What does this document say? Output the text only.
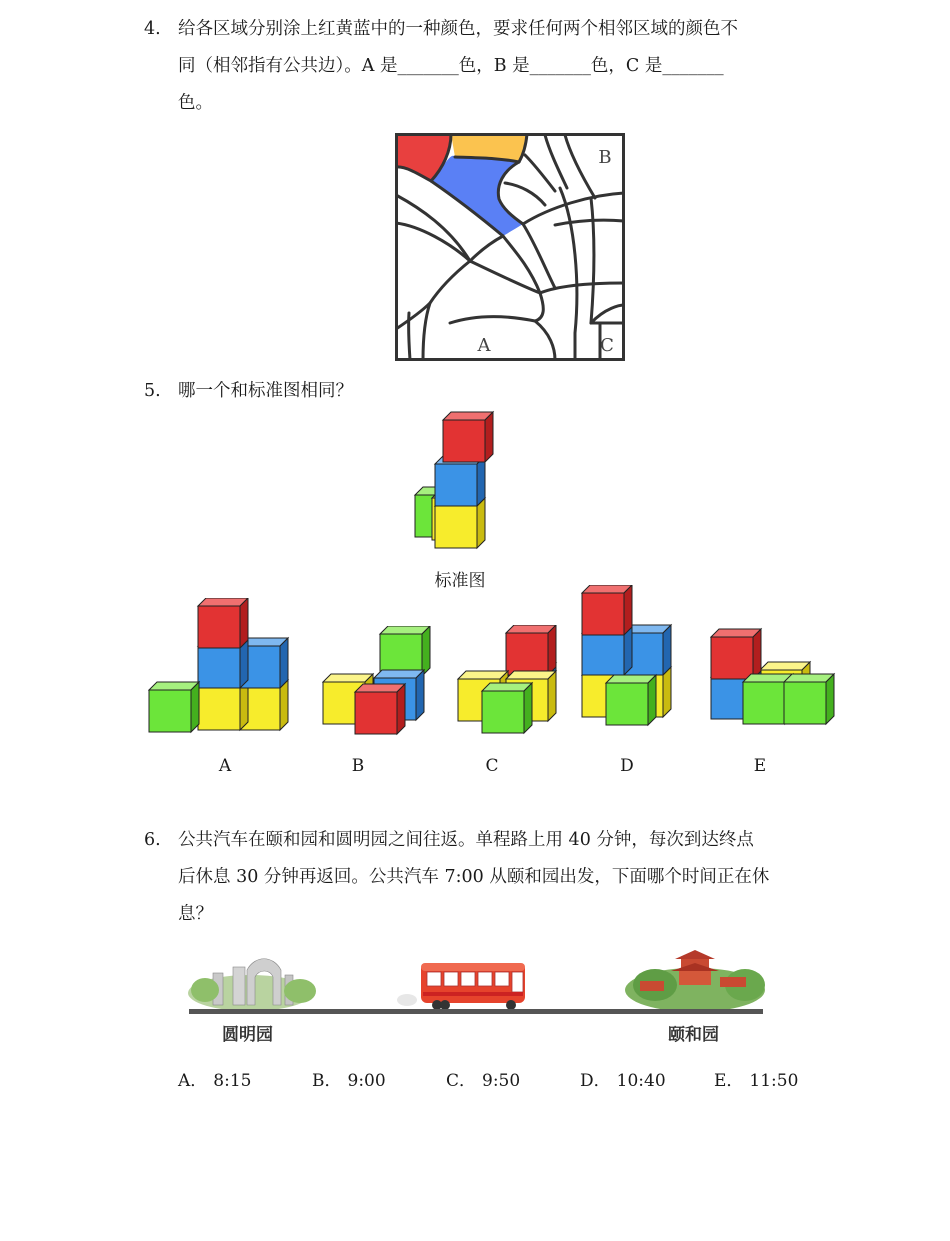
4. 给各区域分别涂上红黄蓝中的一种颜色，要求任何两个相邻区域的颜色不
同（相邻指有公共边）。A 是_______色，B 是_______色，C 是_______
色。
B
A	C
5. 哪一个和标准图相同？
标准图
A	B	C	D	E
6. 公共汽车在颐和园和圆明园之间往返。单程路上用 40 分钟，每次到达终点
后休息 30 分钟再返回。公共汽车 7:00 从颐和园出发，下面哪个时间正在休
息？
圆明园	颐和园
A． 8:15	B． 9:00	C． 9:50	D． 10:40	E． 11:50
